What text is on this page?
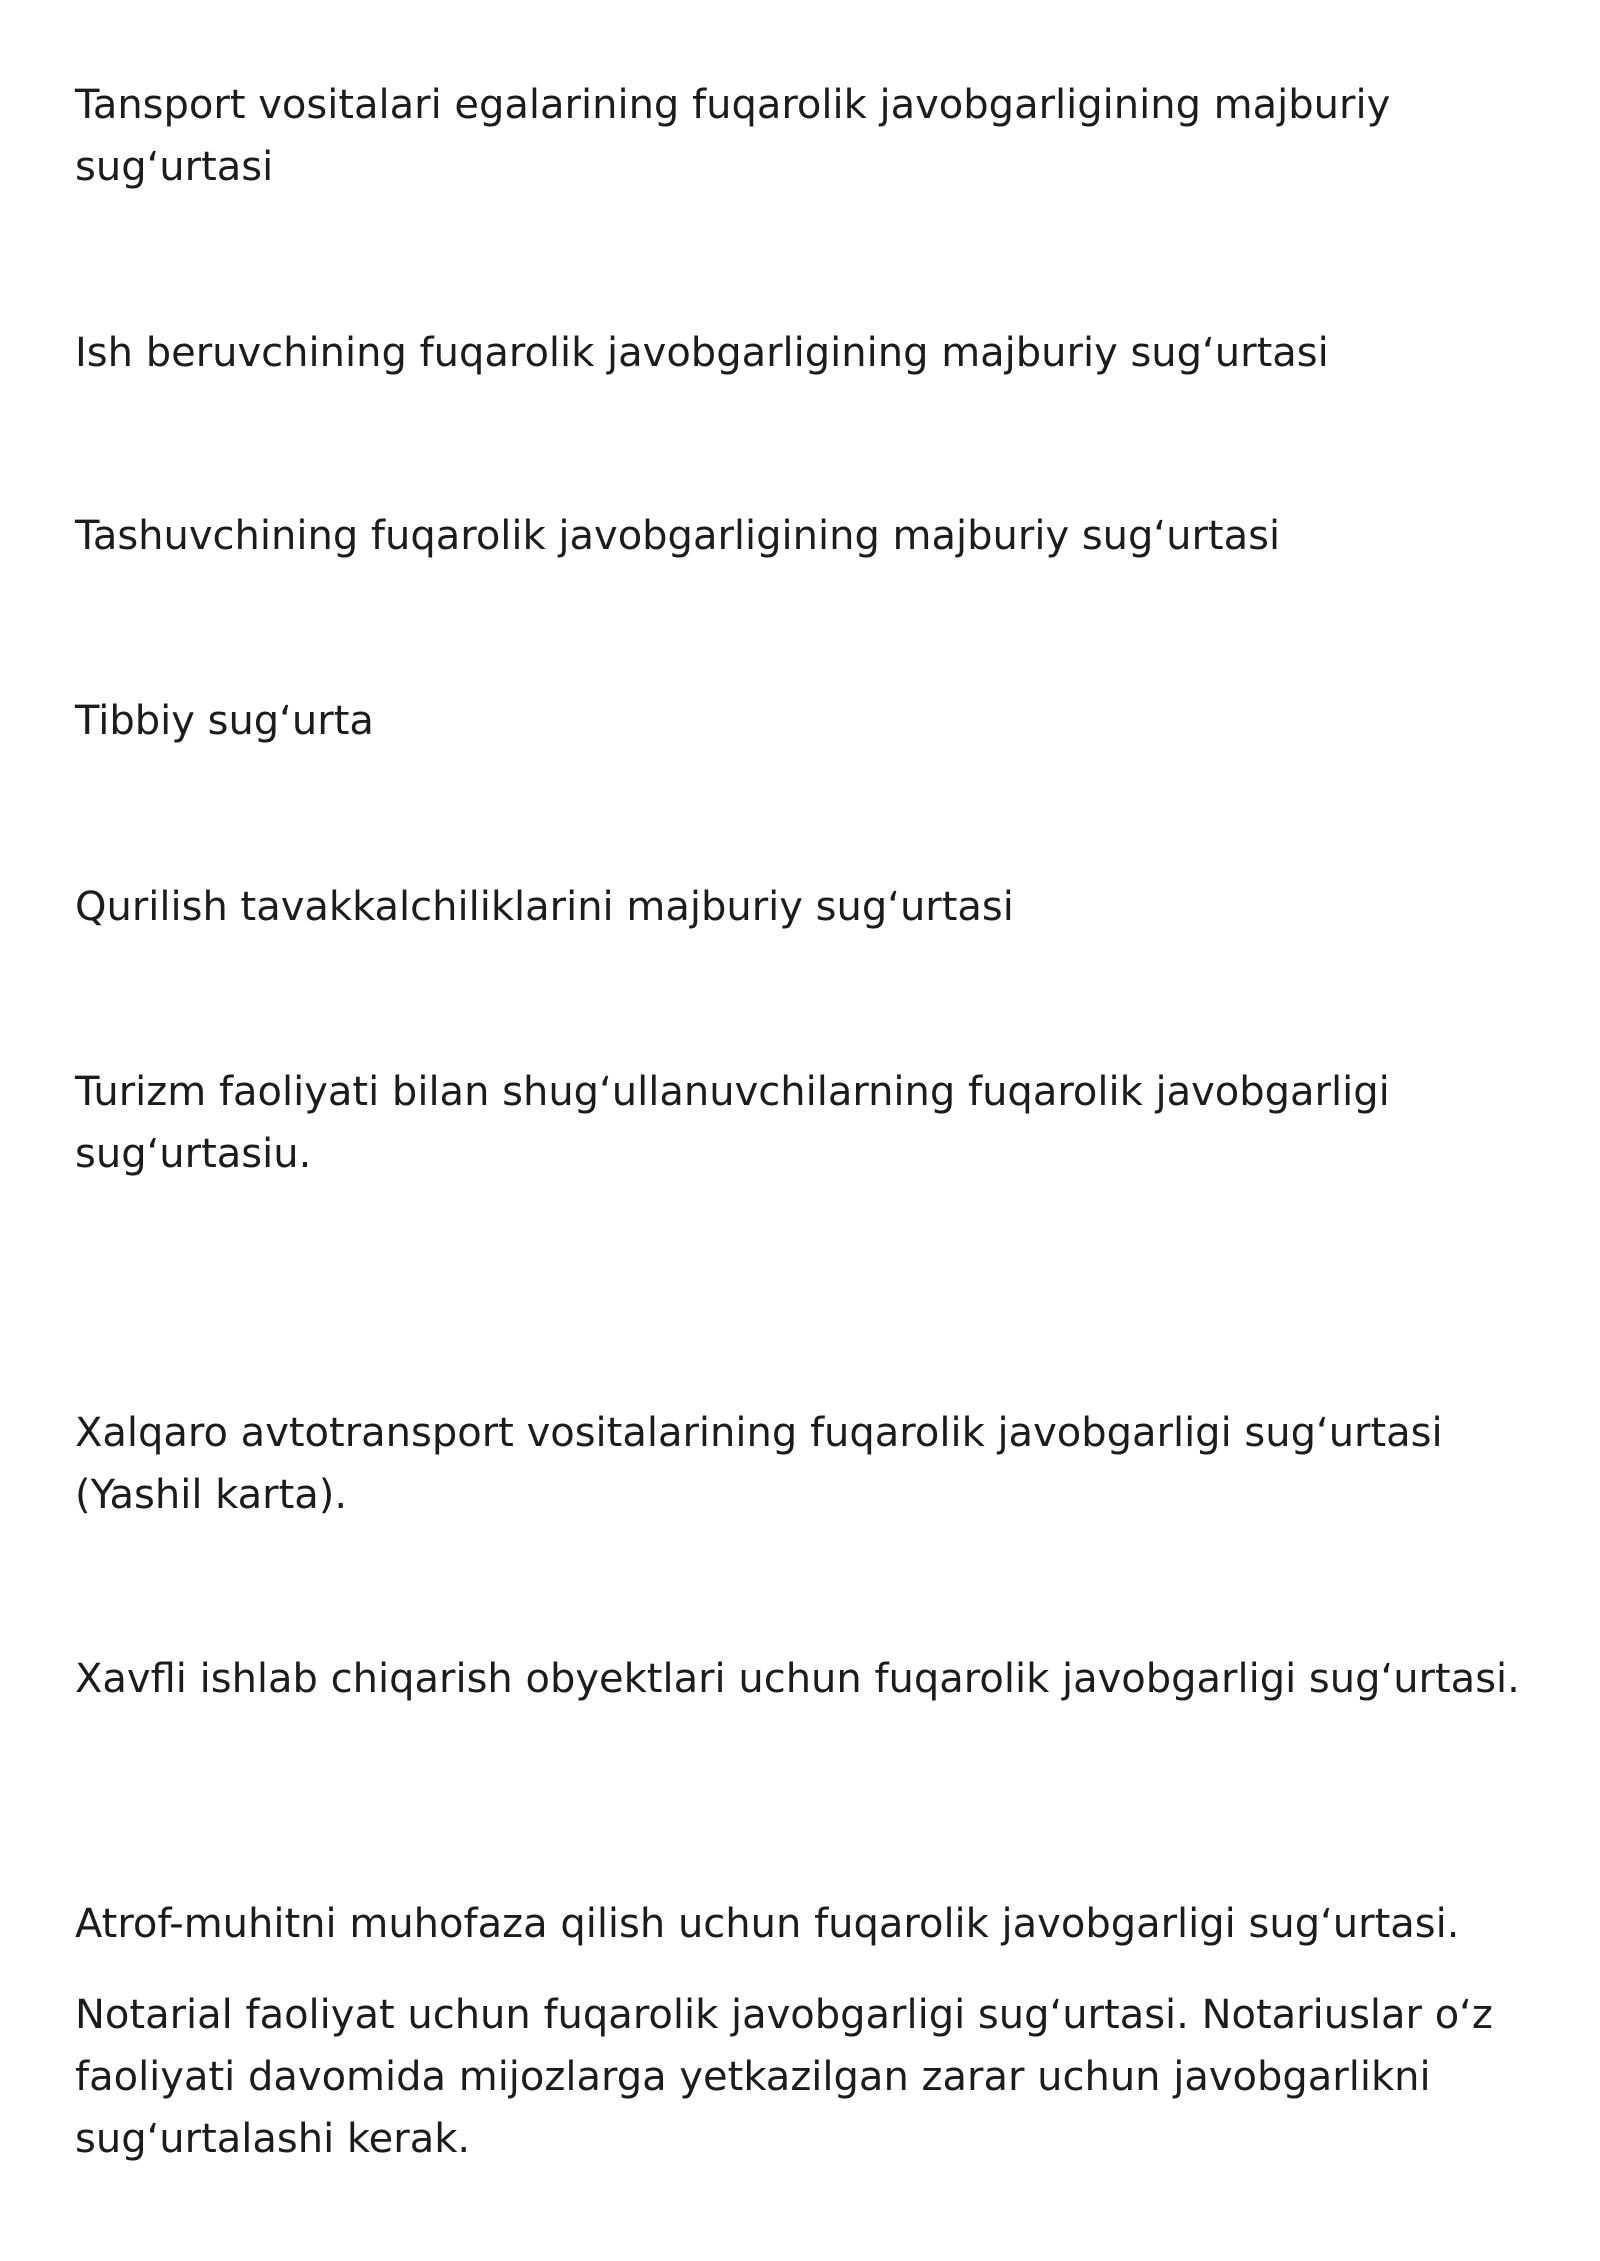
Tansport vositalari egalarining fuqarolik javobgarligining majburiy sug‘urtasi

Ish beruvchining fuqarolik javobgarligining majburiy sug‘urtasi

Tashuvchining fuqarolik javobgarligining majburiy sug‘urtasi

Tibbiy sug‘urta

Qurilish tavakkalchiliklarini majburiy sug‘urtasi

Turizm faoliyati bilan shug‘ullanuvchilarning fuqarolik javobgarligi sug‘urtasiu.

Xalqaro avtotransport vositalarining fuqarolik javobgarligi sug‘urtasi (Yashil karta).

Xavfli ishlab chiqarish obyektlari uchun fuqarolik javobgarligi sug‘urtasi.

Atrof-muhitni muhofaza qilish uchun fuqarolik javobgarligi sug‘urtasi.

Notarial faoliyat uchun fuqarolik javobgarligi sug‘urtasi. Notariuslar o‘z faoliyati davomida mijozlarga yetkazilgan zarar uchun javobgarlikni sug‘urtalashi kerak.
